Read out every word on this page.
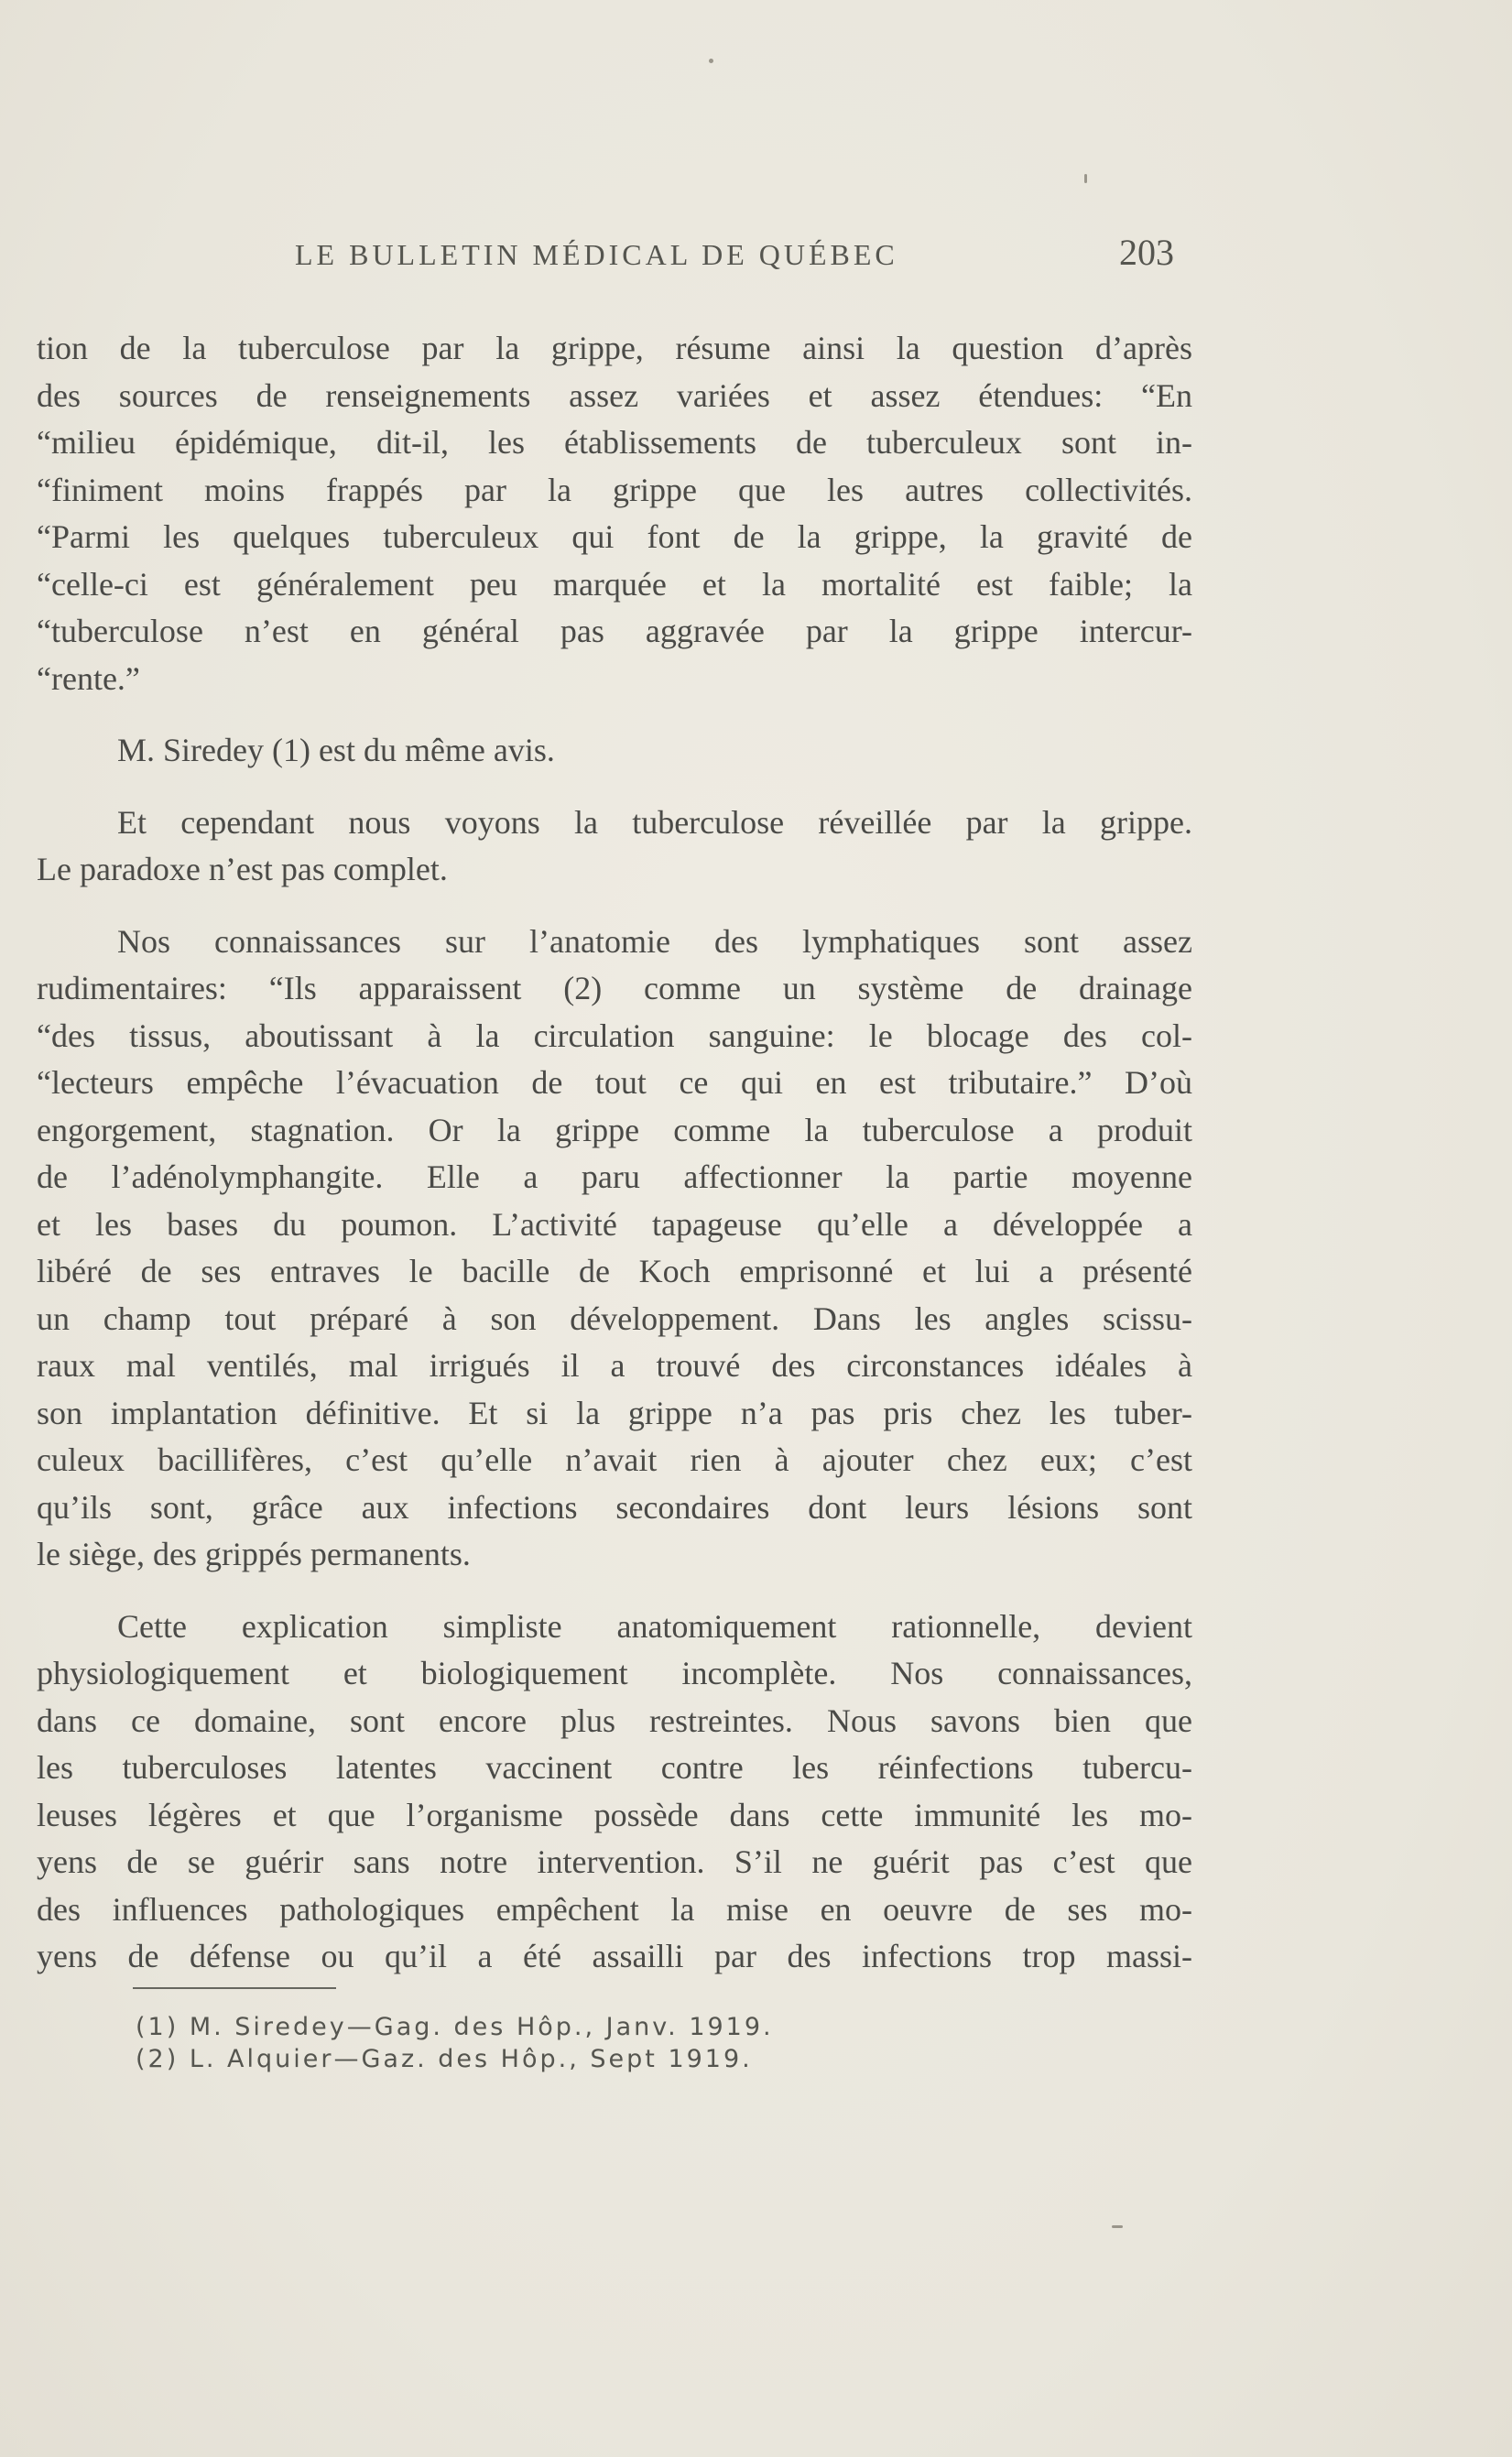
LE BULLETIN MÉDICAL DE QUÉBEC	203
tion de la tuberculose par la grippe, résume ainsi la question d’après
des sources de renseignements assez variées et assez étendues: “En
“milieu épidémique, dit-il, les établissements de tuberculeux sont in-
“finiment moins frappés par la grippe que les autres collectivités.
“Parmi les quelques tuberculeux qui font de la grippe, la gravité de
“celle-ci est généralement peu marquée et la mortalité est faible; la
“tuberculose n’est en général pas aggravée par la grippe intercur-
“rente.”
M. Siredey (1) est du même avis.
Et cependant nous voyons la tuberculose réveillée par la grippe.
Le paradoxe n’est pas complet.
Nos connaissances sur l’anatomie des lymphatiques sont assez
rudimentaires: “Ils apparaissent (2) comme un système de drainage
“des tissus, aboutissant à la circulation sanguine: le blocage des col-
“lecteurs empêche l’évacuation de tout ce qui en est tributaire.” D’où
engorgement, stagnation. Or la grippe comme la tuberculose a produit
de l’adénolymphangite. Elle a paru affectionner la partie moyenne
et les bases du poumon. L’activité tapageuse qu’elle a développée a
libéré de ses entraves le bacille de Koch emprisonné et lui a présenté
un champ tout préparé à son développement. Dans les angles scissu-
raux mal ventilés, mal irrigués il a trouvé des circonstances idéales à
son implantation définitive. Et si la grippe n’a pas pris chez les tuber-
culeux bacillifères, c’est qu’elle n’avait rien à ajouter chez eux; c’est
qu’ils sont, grâce aux infections secondaires dont leurs lésions sont
le siège, des grippés permanents.
Cette explication simpliste anatomiquement rationnelle, devient
physiologiquement et biologiquement incomplète. Nos connaissances,
dans ce domaine, sont encore plus restreintes. Nous savons bien que
les tuberculoses latentes vaccinent contre les réinfections tubercu-
leuses légères et que l’organisme possède dans cette immunité les mo-
yens de se guérir sans notre intervention. S’il ne guérit pas c’est que
des influences pathologiques empêchent la mise en oeuvre de ses mo-
yens de défense ou qu’il a été assailli par des infections trop massi-
(1) M. Siredey—Gag. des Hôp., Janv. 1919.
(2) L. Alquier—Gaz. des Hôp., Sept 1919.
